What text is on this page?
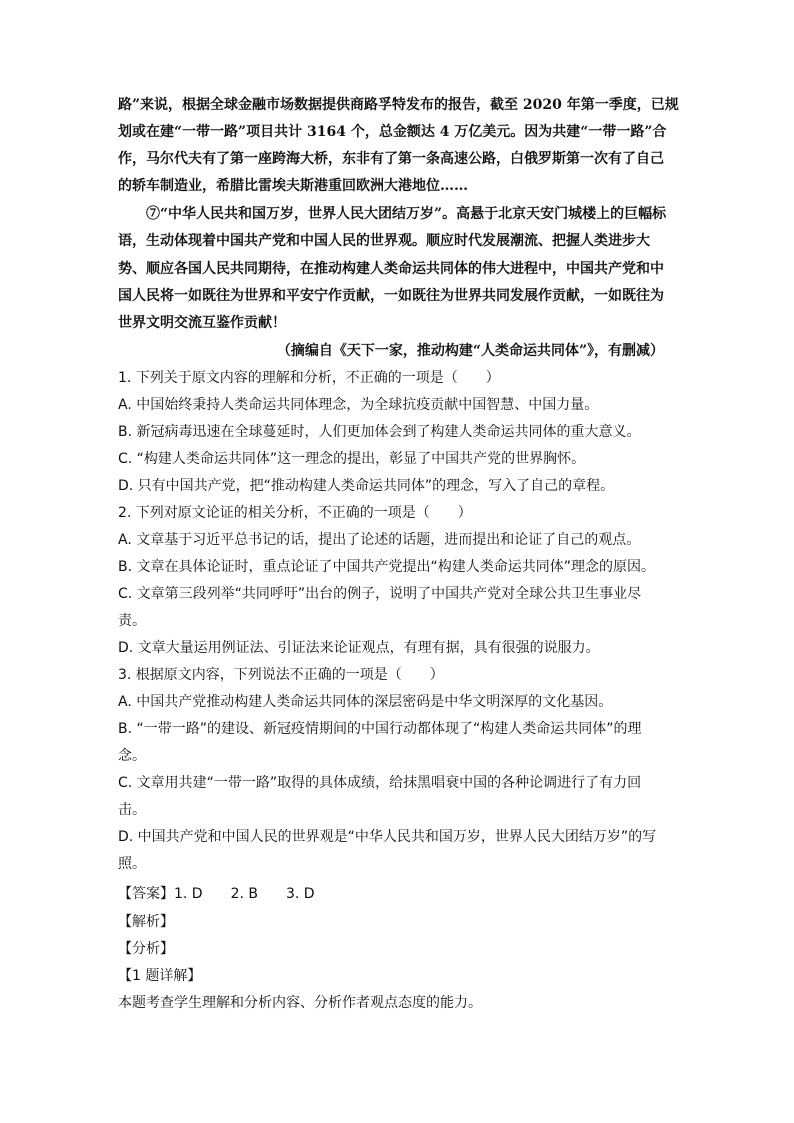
路”来说，根据全球金融市场数据提供商路孚特发布的报告，截至 2020 年第一季度，已规
划或在建“一带一路”项目共计 3164 个，总金额达 4 万亿美元。因为共建“一带一路”合
作，马尔代夫有了第一座跨海大桥，东非有了第一条高速公路，白俄罗斯第一次有了自己
的轿车制造业，希腊比雷埃夫斯港重回欧洲大港地位……
　　⑦“中华人民共和国万岁，世界人民大团结万岁”。高悬于北京天安门城楼上的巨幅标
语，生动体现着中国共产党和中国人民的世界观。顺应时代发展潮流、把握人类进步大
势、顺应各国人民共同期待，在推动构建人类命运共同体的伟大进程中，中国共产党和中
国人民将一如既往为世界和平安宁作贡献，一如既往为世界共同发展作贡献，一如既往为
世界文明交流互鉴作贡献！
（摘编自《天下一家，推动构建“人类命运共同体”》，有删减）
1. 下列关于原文内容的理解和分析，不正确的一项是（　　）
A. 中国始终秉持人类命运共同体理念，为全球抗疫贡献中国智慧、中国力量。
B. 新冠病毒迅速在全球蔓延时，人们更加体会到了构建人类命运共同体的重大意义。
C. “构建人类命运共同体”这一理念的提出，彰显了中国共产党的世界胸怀。
D. 只有中国共产党，把“推动构建人类命运共同体”的理念，写入了自己的章程。
2. 下列对原文论证的相关分析，不正确的一项是（　　）
A. 文章基于习近平总书记的话，提出了论述的话题，进而提出和论证了自己的观点。
B. 文章在具体论证时，重点论证了中国共产党提出“构建人类命运共同体”理念的原因。
C. 文章第三段列举“共同呼吁”出台的例子，说明了中国共产党对全球公共卫生事业尽
责。
D. 文章大量运用例证法、引证法来论证观点，有理有据，具有很强的说服力。
3. 根据原文内容，下列说法不正确的一项是（　　）
A. 中国共产党推动构建人类命运共同体的深层密码是中华文明深厚的文化基因。
B. “一带一路”的建设、新冠疫情期间的中国行动都体现了“构建人类命运共同体”的理
念。
C. 文章用共建“一带一路”取得的具体成绩，给抹黑唱衰中国的各种论调进行了有力回
击。
D. 中国共产党和中国人民的世界观是“中华人民共和国万岁，世界人民大团结万岁”的写
照。
【答案】1. D　　2. B　　3. D
【解析】
【分析】
【1 题详解】
本题考查学生理解和分析内容、分析作者观点态度的能力。
